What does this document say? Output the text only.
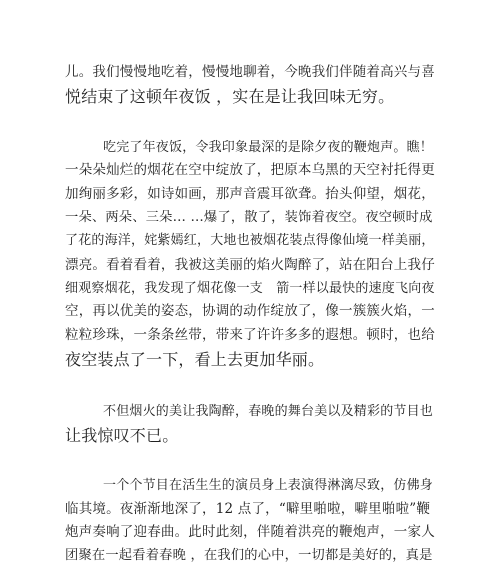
儿。我们慢慢地吃着，慢慢地聊着，今晚我们伴随着高兴与喜
悦结束了这顿年夜饭 ，实在是让我回味无穷。
吃完了年夜饭，令我印象最深的是除夕夜的鞭炮声。瞧！
一朵朵灿烂的烟花在空中绽放了，把原本乌黑的天空衬托得更
加绚丽多彩，如诗如画，那声音震耳欲聋。抬头仰望，烟花，
一朵、两朵、三朵… …爆了，散了，装饰着夜空。夜空顿时成
了花的海洋，姹紫嫣红，大地也被烟花装点得像仙境一样美丽，
漂亮。看着看着，我被这美丽的焰火陶醉了，站在阳台上我仔
细观察烟花，我发现了烟花像一支　箭一样以最快的速度飞向夜
空，再以优美的姿态，协调的动作绽放了，像一簇簇火焰，一
粒粒珍珠，一条条丝带，带来了许许多多的遐想。顿时，也给
夜空装点了一下，看上去更加华丽。
不但烟火的美让我陶醉，春晚的舞台美以及精彩的节目也
让我惊叹不已。
一个个节目在活生生的演员身上表演得淋漓尽致，仿佛身
临其境。夜渐渐地深了，12 点了，“噼里啪啦，噼里啪啦”鞭
炮声奏响了迎春曲。此时此刻，伴随着洪亮的鞭炮声，一家人
团聚在一起看着春晚 ，在我们的心中，一切都是美好的，真是
